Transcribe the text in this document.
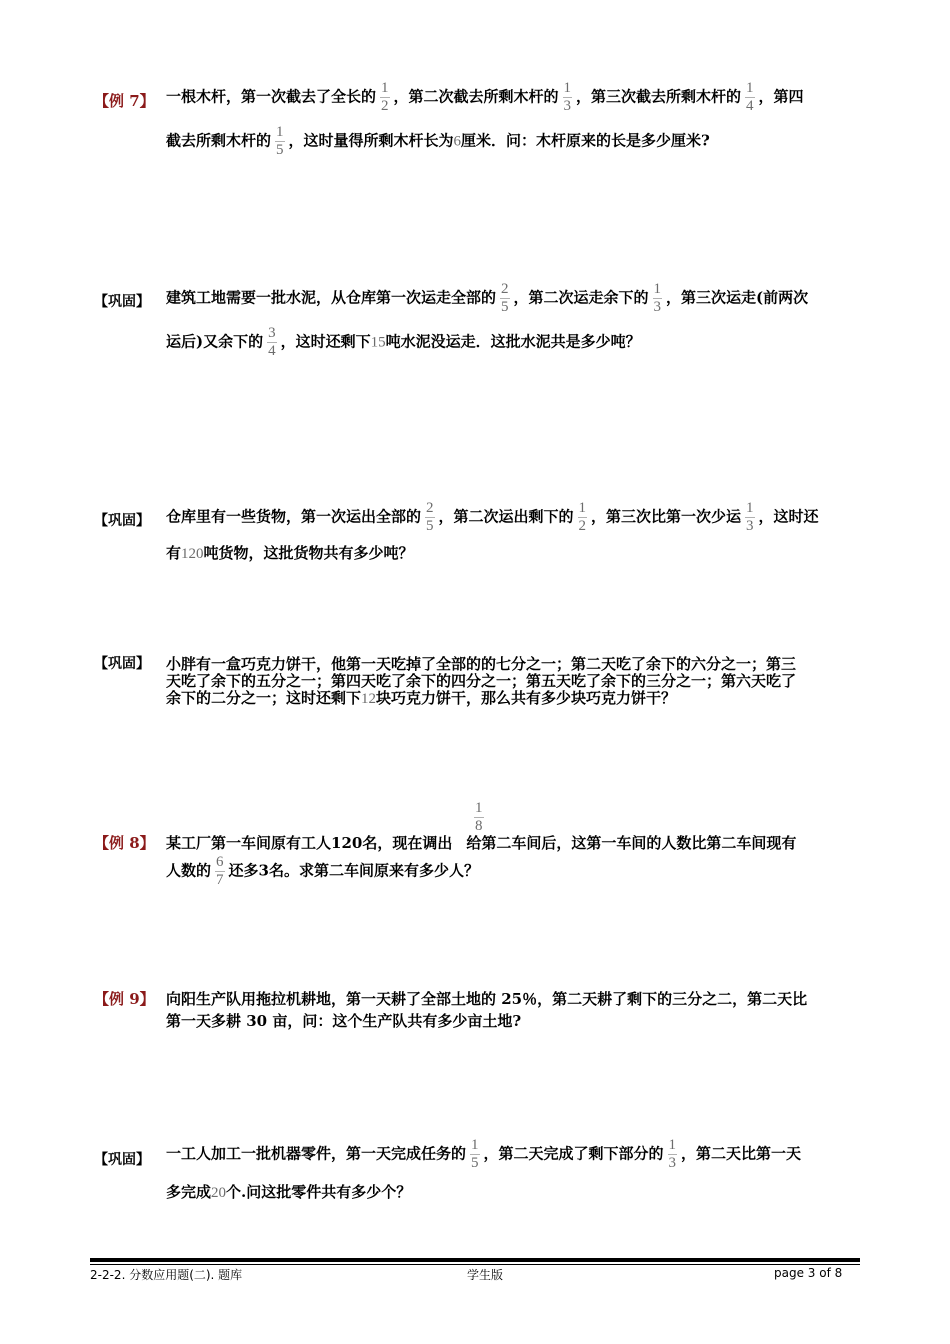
【例 7】 一根木杆，第一次截去了全长的 $\frac{1}{2}$ ，第二次截去所剩木杆的 $\frac{1}{3}$ ，第三次截去所剩木杆的 $\frac{1}{4}$ ，第四
截去所剩木杆的 $\frac{1}{5}$ ，这时量得所剩木杆长为6厘米．问：木杆原来的长是多少厘米?
【巩固】 建筑工地需要一批水泥，从仓库第一次运走全部的 $\frac{2}{5}$ ，第二次运走余下的 $\frac{1}{3}$ ，第三次运走(前两次
运后)又余下的 $\frac{3}{4}$ ，这时还剩下15吨水泥没运走．这批水泥共是多少吨？
【巩固】 仓库里有一些货物，第一次运出全部的 $\frac{2}{5}$ ，第二次运出剩下的 $\frac{1}{2}$ ，第三次比第一次少运 $\frac{1}{3}$ ，这时还
有120吨货物，这批货物共有多少吨？
【巩固】 小胖有一盒巧克力饼干，他第一天吃掉了全部的的七分之一；第二天吃了余下的六分之一；第三
天吃了余下的五分之一；第四天吃了余下的四分之一；第五天吃了余下的三分之一；第六天吃了
余下的二分之一；这时还剩下12块巧克力饼干，那么共有多少块巧克力饼干？
【例 8】
1
8
某工厂第一车间原有工人120名，现在调出 给第二车间后，这第一车间的人数比第二车间现有
人数的 $\frac{6}{7}$ 还多3名。求第二车间原来有多少人？
【例 9】 向阳生产队用拖拉机耕地，第一天耕了全部土地的 25％，第二天耕了剩下的三分之二，第二天比
第一天多耕 30 亩，问：这个生产队共有多少亩土地?
【巩固】 一工人加工一批机器零件，第一天完成任务的 $\frac{1}{5}$ ，第二天完成了剩下部分的 $\frac{1}{3}$ ，第二天比第一天
多完成20个.问这批零件共有多少个？
2-2-2. 分数应用题(二). 题库	学生版	page 3 of 8
